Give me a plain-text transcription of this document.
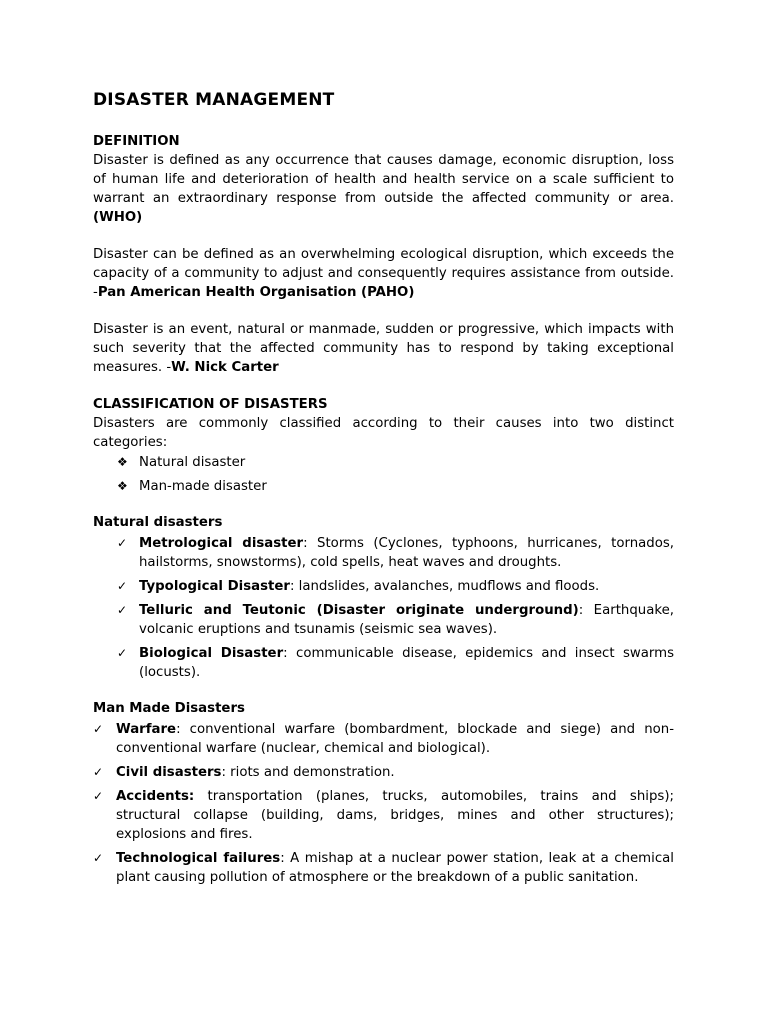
DISASTER MANAGEMENT
DEFINITION

Disaster is defined as any occurrence that causes damage, economic disruption, loss of human life and deterioration of health and health service on a scale sufficient to warrant an extraordinary response from outside the affected community or area. (WHO)

Disaster can be defined as an overwhelming ecological disruption, which exceeds the capacity of a community to adjust and consequently requires assistance from outside. -Pan American Health Organisation (PAHO)

Disaster is an event, natural or manmade, sudden or progressive, which impacts with such severity that the affected community has to respond by taking exceptional measures. -W. Nick Carter

CLASSIFICATION OF DISASTERS

Disasters are commonly classified according to their causes into two distinct categories:

❖ Natural disaster
❖ Man-made disaster
Natural disasters
✓ Metrological disaster: Storms (Cyclones, typhoons, hurricanes, tornados, hailstorms, snowstorms), cold spells, heat waves and droughts.
✓ Typological Disaster: landslides, avalanches, mudflows and floods.
✓ Telluric and Teutonic (Disaster originate underground): Earthquake, volcanic eruptions and tsunamis (seismic sea waves).
✓ Biological Disaster: communicable disease, epidemics and insect swarms (locusts).
Man Made Disasters
✓ Warfare: conventional warfare (bombardment, blockade and siege) and non-conventional warfare (nuclear, chemical and biological).
✓ Civil disasters: riots and demonstration.
✓ Accidents: transportation (planes, trucks, automobiles, trains and ships); structural collapse (building, dams, bridges, mines and other structures); explosions and fires.
✓ Technological failures: A mishap at a nuclear power station, leak at a chemical plant causing pollution of atmosphere or the breakdown of a public sanitation.
